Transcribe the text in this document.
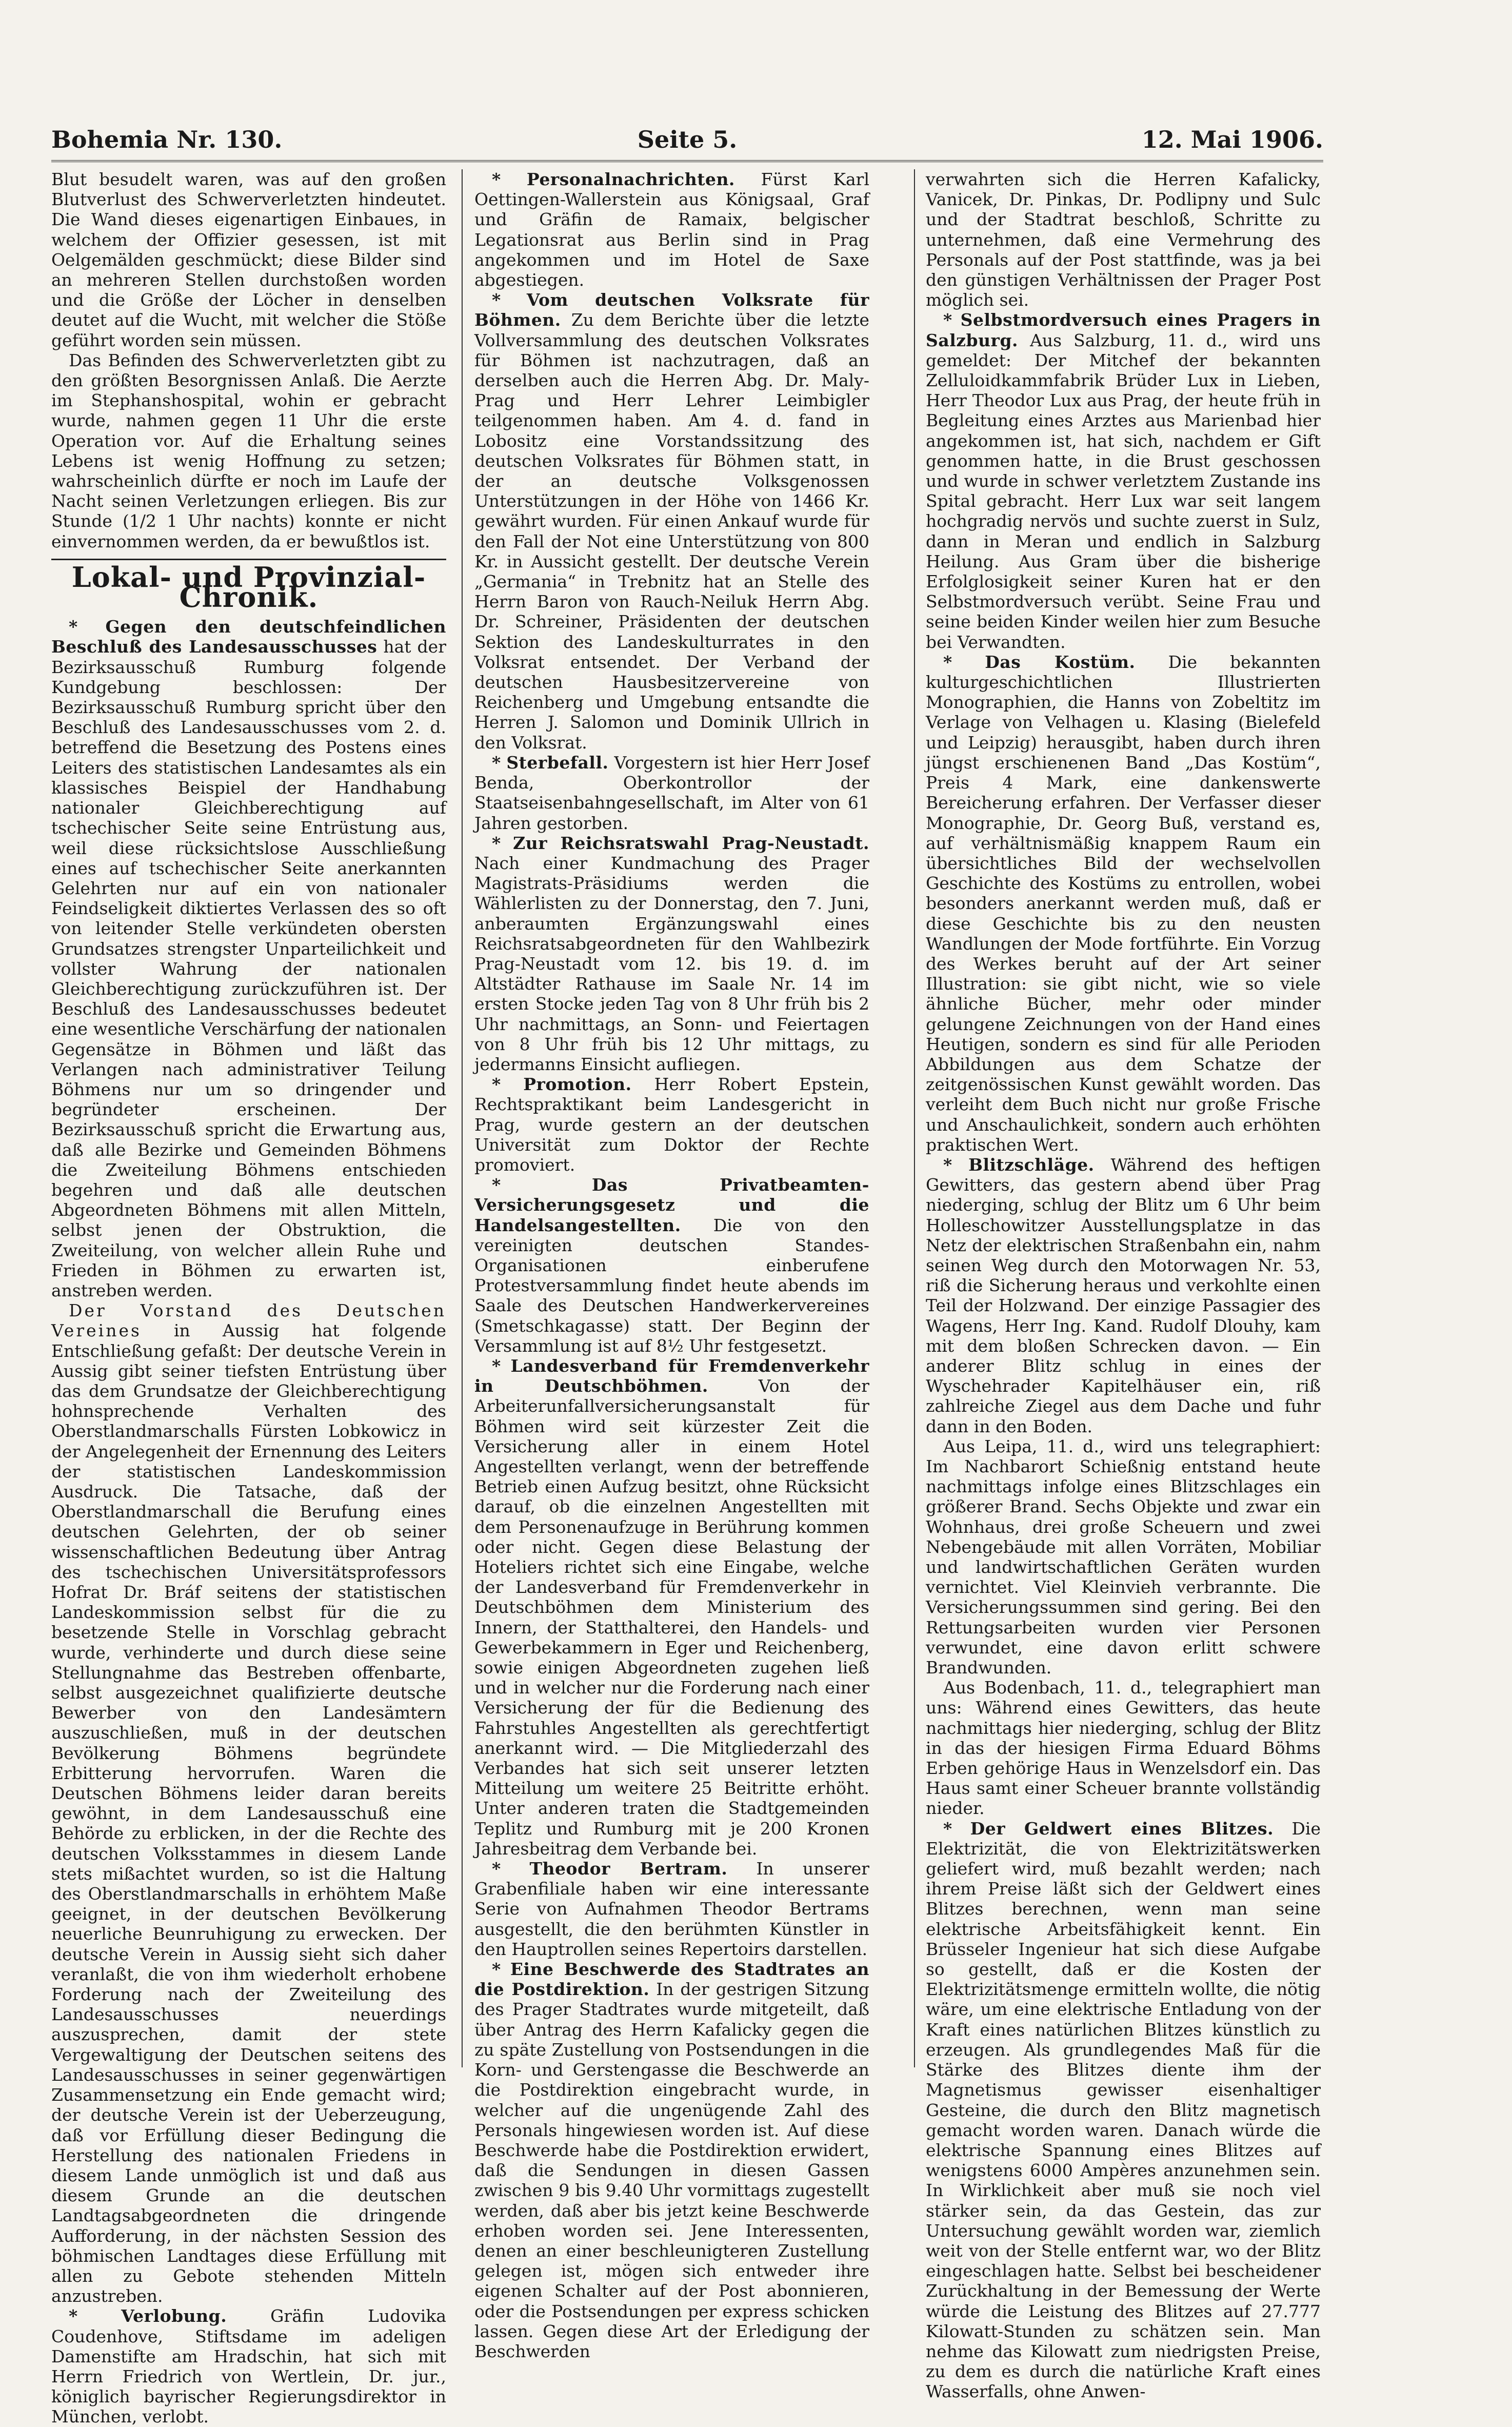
Bohemia Nr. 130.	Seite 5.	12. Mai 1906.

Blut besudelt waren, was auf den großen Blutverlust des Schwerverletzten hindeutet. Die Wand dieses eigenartigen Einbaues, in welchem der Offizier gesessen, ist mit Oelgemälden geschmückt; diese Bilder sind an mehreren Stellen durchstoßen worden und die Größe der Löcher in denselben deutet auf die Wucht, mit welcher die Stöße geführt worden sein müssen.

Das Befinden des Schwerverletzten gibt zu den größten Besorgnissen Anlaß. Die Aerzte im Stephanshospital, wohin er gebracht wurde, nahmen gegen 11 Uhr die erste Operation vor. Auf die Erhaltung seines Lebens ist wenig Hoffnung zu setzen; wahrscheinlich dürfte er noch im Laufe der Nacht seinen Verletzungen erliegen. Bis zur Stunde (1/2 1 Uhr nachts) konnte er nicht einvernommen werden, da er bewußtlos ist.

Lokal- und Provinzial-Chronik.

* Gegen den deutschfeindlichen Beschluß des Landesausschusses hat der Bezirksausschuß Rumburg folgende Kundgebung beschlossen: Der Bezirksausschuß Rumburg spricht über den Beschluß des Landesausschusses vom 2. d. betreffend die Besetzung des Postens eines Leiters des statistischen Landesamtes als ein klassisches Beispiel der Handhabung nationaler Gleichberechtigung auf tschechischer Seite seine Entrüstung aus, weil diese rücksichtslose Ausschließung eines auf tschechischer Seite anerkannten Gelehrten nur auf ein von nationaler Feindseligkeit diktiertes Verlassen des so oft von leitender Stelle verkündeten obersten Grundsatzes strengster Unparteilichkeit und vollster Wahrung der nationalen Gleichberechtigung zurückzuführen ist. Der Beschluß des Landesausschusses bedeutet eine wesentliche Verschärfung der nationalen Gegensätze in Böhmen und läßt das Verlangen nach administrativer Teilung Böhmens nur um so dringender und begründeter erscheinen. Der Bezirksausschuß spricht die Erwartung aus, daß alle Bezirke und Gemeinden Böhmens die Zweiteilung Böhmens entschieden begehren und daß alle deutschen Abgeordneten Böhmens mit allen Mitteln, selbst jenen der Obstruktion, die Zweiteilung, von welcher allein Ruhe und Frieden in Böhmen zu erwarten ist, anstreben werden.

Der Vorstand des Deutschen Vereines in Aussig hat folgende Entschließung gefaßt: Der deutsche Verein in Aussig gibt seiner tiefsten Entrüstung über das dem Grundsatze der Gleichberechtigung hohnsprechende Verhalten des Oberstlandmarschalls Fürsten Lobkowicz in der Angelegenheit der Ernennung des Leiters der statistischen Landeskommission Ausdruck. Die Tatsache, daß der Oberstlandmarschall die Berufung eines deutschen Gelehrten, der ob seiner wissenschaftlichen Bedeutung über Antrag des tschechischen Universitätsprofessors Hofrat Dr. Bráf seitens der statistischen Landeskommission selbst für die zu besetzende Stelle in Vorschlag gebracht wurde, verhinderte und durch diese seine Stellungnahme das Bestreben offenbarte, selbst ausgezeichnet qualifizierte deutsche Bewerber von den Landesämtern auszuschließen, muß in der deutschen Bevölkerung Böhmens begründete Erbitterung hervorrufen. Waren die Deutschen Böhmens leider daran bereits gewöhnt, in dem Landesausschuß eine Behörde zu erblicken, in der die Rechte des deutschen Volksstammes in diesem Lande stets mißachtet wurden, so ist die Haltung des Oberstlandmarschalls in erhöhtem Maße geeignet, in der deutschen Bevölkerung neuerliche Beunruhigung zu erwecken. Der deutsche Verein in Aussig sieht sich daher veranlaßt, die von ihm wiederholt erhobene Forderung nach der Zweiteilung des Landesausschusses neuerdings auszusprechen, damit der stete Vergewaltigung der Deutschen seitens des Landesausschusses in seiner gegenwärtigen Zusammensetzung ein Ende gemacht wird; der deutsche Verein ist der Ueberzeugung, daß vor Erfüllung dieser Bedingung die Herstellung des nationalen Friedens in diesem Lande unmöglich ist und daß aus diesem Grunde an die deutschen Landtagsabgeordneten die dringende Aufforderung, in der nächsten Session des böhmischen Landtages diese Erfüllung mit allen zu Gebote stehenden Mitteln anzustreben.

*	Verlobung.	Gräfin Ludovika Coudenhove, Stiftsdame im adeligen Damenstifte am Hradschin, hat sich mit Herrn Friedrich von Wertlein, Dr. jur., königlich bayrischer Regierungsdirektor in München, verlobt.

* Personalnachrichten. Fürst Karl Oettingen-Wallerstein aus Königsaal, Graf und Gräfin de Ramaix, belgischer Legationsrat aus Berlin sind in Prag angekommen und im Hotel de Saxe abgestiegen.

* Vom deutschen Volksrate für Böhmen. Zu dem Berichte über die letzte Vollversammlung des deutschen Volksrates für Böhmen ist nachzutragen, daß an derselben auch die Herren Abg. Dr. Maly-Prag und Herr Lehrer Leimbigler teilgenommen haben. Am 4. d. fand in Lobositz eine Vorstandssitzung des deutschen Volksrates für Böhmen statt, in der an deutsche Volksgenossen Unterstützungen in der Höhe von 1466 Kr. gewährt wurden. Für einen Ankauf wurde für den Fall der Not eine Unterstützung von 800 Kr. in Aussicht gestellt. Der deutsche Verein „Germania“ in Trebnitz hat an Stelle des Herrn Baron von Rauch-Neiluk Herrn Abg. Dr. Schreiner, Präsidenten der deutschen Sektion des Landeskulturrates in den Volksrat entsendet. Der Verband der deutschen Hausbesitzervereine von Reichenberg und Umgebung entsandte die Herren J. Salomon und Dominik Ullrich in den Volksrat.

* Sterbefall. Vorgestern ist hier Herr Josef Benda, Oberkontrollor der Staatseisenbahngesellschaft, im Alter von 61 Jahren gestorben.

* Zur Reichsratswahl Prag-Neustadt. Nach einer Kundmachung des Prager Magistrats-Präsidiums werden die Wählerlisten zu der Donnerstag, den 7. Juni, anberaumten Ergänzungswahl eines Reichsratsabgeordneten für den Wahlbezirk Prag-Neustadt vom 12. bis 19. d. im Altstädter Rathause im Saale Nr. 14 im ersten Stocke jeden Tag von 8 Uhr früh bis 2 Uhr nachmittags, an Sonn- und Feiertagen von 8 Uhr früh bis 12 Uhr mittags, zu jedermanns Einsicht aufliegen.

* Promotion. Herr Robert Epstein, Rechtspraktikant beim Landesgericht in Prag, wurde gestern an der deutschen Universität zum Doktor der Rechte promoviert.

*	Das Privatbeamten-Versicherungsgesetz und die Handelsangestellten. Die von den vereinigten deutschen Standes-Organisationen einberufene Protestversammlung findet heute abends im Saale des Deutschen Handwerkervereines (Smetschkagasse) statt. Der Beginn der Versammlung ist auf 8½ Uhr festgesetzt.

* Landesverband für Fremdenverkehr in Deutschböhmen.	Von der Arbeiterunfallversicherungsanstalt für Böhmen wird seit kürzester Zeit die Versicherung aller in einem Hotel Angestellten verlangt, wenn der betreffende Betrieb einen Aufzug besitzt, ohne Rücksicht darauf, ob die einzelnen Angestellten mit dem Personenaufzuge in Berührung kommen oder nicht. Gegen diese Belastung der Hoteliers richtet sich eine Eingabe, welche der Landesverband für Fremdenverkehr in Deutschböhmen dem Ministerium des Innern, der Statthalterei, den Handels- und Gewerbekammern in Eger und Reichenberg, sowie einigen Abgeordneten zugehen ließ und in welcher nur die Forderung nach einer Versicherung der für die Bedienung des Fahrstuhles Angestellten als gerechtfertigt anerkannt wird. — Die Mitgliederzahl des Verbandes hat sich seit unserer letzten Mitteilung um weitere 25 Beitritte erhöht. Unter anderen traten die Stadtgemeinden Teplitz und Rumburg mit je 200 Kronen Jahresbeitrag dem Verbande bei.

* Theodor Bertram. In unserer Grabenfiliale haben wir eine interessante Serie von Aufnahmen Theodor Bertrams ausgestellt, die den berühmten Künstler in den Hauptrollen seines Repertoirs darstellen.

* Eine Beschwerde des Stadtrates an die Postdirektion. In der gestrigen Sitzung des Prager Stadtrates wurde mitgeteilt, daß über Antrag des Herrn Kafalicky gegen die zu späte Zustellung von Postsendungen in die Korn- und Gerstengasse die Beschwerde an die Postdirektion eingebracht wurde, in welcher auf die ungenügende Zahl des Personals hingewiesen worden ist. Auf diese Beschwerde habe die Postdirektion erwidert, daß die Sendungen in diesen Gassen zwischen 9 bis 9.40 Uhr vormittags zugestellt werden, daß aber bis jetzt keine Beschwerde erhoben worden sei. Jene Interessenten, denen an einer beschleunigteren Zustellung gelegen ist, mögen sich entweder ihre eigenen Schalter auf der Post abonnieren, oder die Postsendungen per express schicken lassen. Gegen diese Art der Erledigung der Beschwerden

verwahrten sich die Herren Kafalicky, Vanicek, Dr. Pinkas, Dr. Podlipny und Sulc und der Stadtrat beschloß, Schritte zu unternehmen, daß eine Vermehrung des Personals auf der Post stattfinde, was ja bei den günstigen Verhältnissen der Prager Post möglich sei.

* Selbstmordversuch eines Pragers in Salzburg. Aus Salzburg, 11. d., wird uns gemeldet: Der Mitchef der bekannten Zelluloidkammfabrik Brüder Lux in Lieben, Herr Theodor Lux aus Prag, der heute früh in Begleitung eines Arztes aus Marienbad hier angekommen ist, hat sich, nachdem er Gift genommen hatte, in die Brust geschossen und wurde in schwer verletztem Zustande ins Spital gebracht. Herr Lux war seit langem hochgradig nervös und suchte zuerst in Sulz, dann in Meran und endlich in Salzburg Heilung. Aus Gram über die bisherige Erfolglosigkeit seiner Kuren hat er den Selbstmordversuch verübt. Seine Frau und seine beiden Kinder weilen hier zum Besuche bei Verwandten.

* Das Kostüm. Die bekannten kulturgeschichtlichen Illustrierten Monographien, die Hanns von Zobeltitz im Verlage von Velhagen u. Klasing (Bielefeld und Leipzig) herausgibt, haben durch ihren jüngst erschienenen Band „Das Kostüm“, Preis 4 Mark, eine dankenswerte Bereicherung erfahren. Der Verfasser dieser Monographie, Dr. Georg Buß, verstand es, auf verhältnismäßig knappem Raum ein übersichtliches Bild der wechselvollen Geschichte des Kostüms zu entrollen, wobei besonders anerkannt werden muß, daß er diese Geschichte bis zu den neusten Wandlungen der Mode fortführte. Ein Vorzug des Werkes beruht auf der Art seiner Illustration: sie gibt nicht, wie so viele ähnliche Bücher, mehr oder minder gelungene Zeichnungen von der Hand eines Heutigen, sondern es sind für alle Perioden Abbildungen aus dem Schatze der zeitgenössischen Kunst gewählt worden. Das verleiht dem Buch nicht nur große Frische und Anschaulichkeit, sondern auch erhöhten praktischen Wert.

* Blitzschläge. Während des heftigen Gewitters, das gestern abend über Prag niederging, schlug der Blitz um 6 Uhr beim Holleschowitzer Ausstellungsplatze in das Netz der elektrischen Straßenbahn ein, nahm seinen Weg durch den Motorwagen Nr. 53, riß die Sicherung heraus und verkohlte einen Teil der Holzwand. Der einzige Passagier des Wagens, Herr Ing. Kand. Rudolf Dlouhy, kam mit dem bloßen Schrecken davon. — Ein anderer Blitz schlug in eines der Wyschehrader Kapitelhäuser ein, riß zahlreiche Ziegel aus dem Dache und fuhr dann in den Boden.

Aus Leipa, 11. d., wird uns telegraphiert: Im Nachbarort Schießnig entstand heute nachmittags infolge eines Blitzschlages ein größerer Brand. Sechs Objekte und zwar ein Wohnhaus, drei große Scheuern und zwei Nebengebäude mit allen Vorräten, Mobiliar und landwirtschaftlichen Geräten wurden vernichtet. Viel Kleinvieh verbrannte. Die Versicherungssummen sind gering. Bei den Rettungsarbeiten wurden vier Personen verwundet, eine davon erlitt schwere Brandwunden.

Aus Bodenbach, 11. d., telegraphiert man uns: Während eines Gewitters, das heute nachmittags hier niederging, schlug der Blitz in das der hiesigen Firma Eduard Böhms Erben gehörige Haus in Wenzelsdorf ein. Das Haus samt einer Scheuer brannte vollständig nieder.

* Der Geldwert eines Blitzes. Die Elektrizität, die von Elektrizitätswerken geliefert wird, muß bezahlt werden; nach ihrem Preise läßt sich der Geldwert eines Blitzes berechnen, wenn man seine elektrische Arbeitsfähigkeit kennt. Ein Brüsseler Ingenieur hat sich diese Aufgabe so gestellt, daß er die Kosten der Elektrizitätsmenge ermitteln wollte, die nötig wäre, um eine elektrische Entladung von der Kraft eines natürlichen Blitzes künstlich zu erzeugen. Als grundlegendes Maß für die Stärke des Blitzes diente ihm der Magnetismus gewisser eisenhaltiger Gesteine, die durch den Blitz magnetisch gemacht worden waren. Danach würde die elektrische Spannung eines Blitzes auf wenigstens 6000 Ampères anzunehmen sein. In Wirklichkeit aber muß sie noch viel stärker sein, da das Gestein, das zur Untersuchung gewählt worden war, ziemlich weit von der Stelle entfernt war, wo der Blitz eingeschlagen hatte. Selbst bei bescheidener Zurückhaltung in der Bemessung der Werte würde die Leistung des Blitzes auf 27.777 Kilowatt-Stunden zu schätzen sein. Man nehme das Kilowatt zum niedrigsten Preise, zu dem es durch die natürliche Kraft eines Wasserfalls, ohne Anwen-
